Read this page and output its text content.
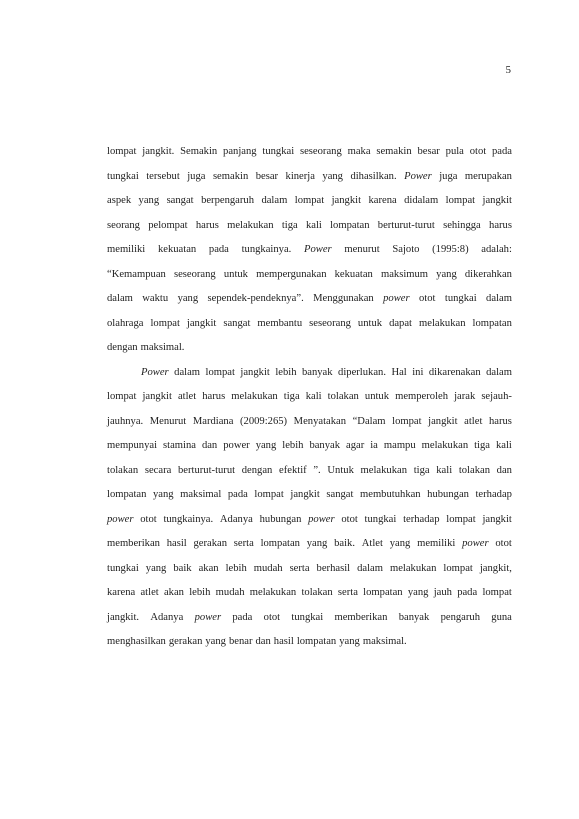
5
lompat jangkit. Semakin panjang tungkai seseorang maka semakin besar pula otot pada
tungkai tersebut juga semakin besar kinerja yang dihasilkan. Power juga merupakan
aspek yang sangat berpengaruh dalam lompat jangkit karena didalam lompat jangkit
seorang pelompat harus melakukan tiga kali lompatan berturut-turut sehingga harus
memiliki kekuatan pada tungkainya. Power menurut Sajoto (1995:8) adalah:
“Kemampuan seseorang untuk mempergunakan kekuatan maksimum yang dikerahkan
dalam waktu yang sependek-pendeknya”. Menggunakan power otot tungkai dalam
olahraga lompat jangkit sangat membantu seseorang untuk dapat melakukan lompatan
dengan maksimal.
Power dalam lompat jangkit lebih banyak diperlukan. Hal ini dikarenakan dalam
lompat jangkit atlet harus melakukan tiga kali tolakan untuk memperoleh jarak sejauh-
jauhnya. Menurut Mardiana (2009:265) Menyatakan “Dalam lompat jangkit atlet harus
mempunyai stamina dan power yang lebih banyak agar ia mampu melakukan tiga kali
tolakan secara berturut-turut dengan efektif ”. Untuk melakukan tiga kali tolakan dan
lompatan yang maksimal pada lompat jangkit sangat membutuhkan hubungan terhadap
power otot tungkainya. Adanya hubungan power otot tungkai terhadap lompat jangkit
memberikan hasil gerakan serta lompatan yang baik. Atlet yang memiliki power otot
tungkai yang baik akan lebih mudah serta berhasil dalam melakukan lompat jangkit,
karena atlet akan lebih mudah melakukan tolakan serta lompatan yang jauh pada lompat
jangkit. Adanya power pada otot tungkai memberikan banyak pengaruh guna
menghasilkan gerakan yang benar dan hasil lompatan yang maksimal.
